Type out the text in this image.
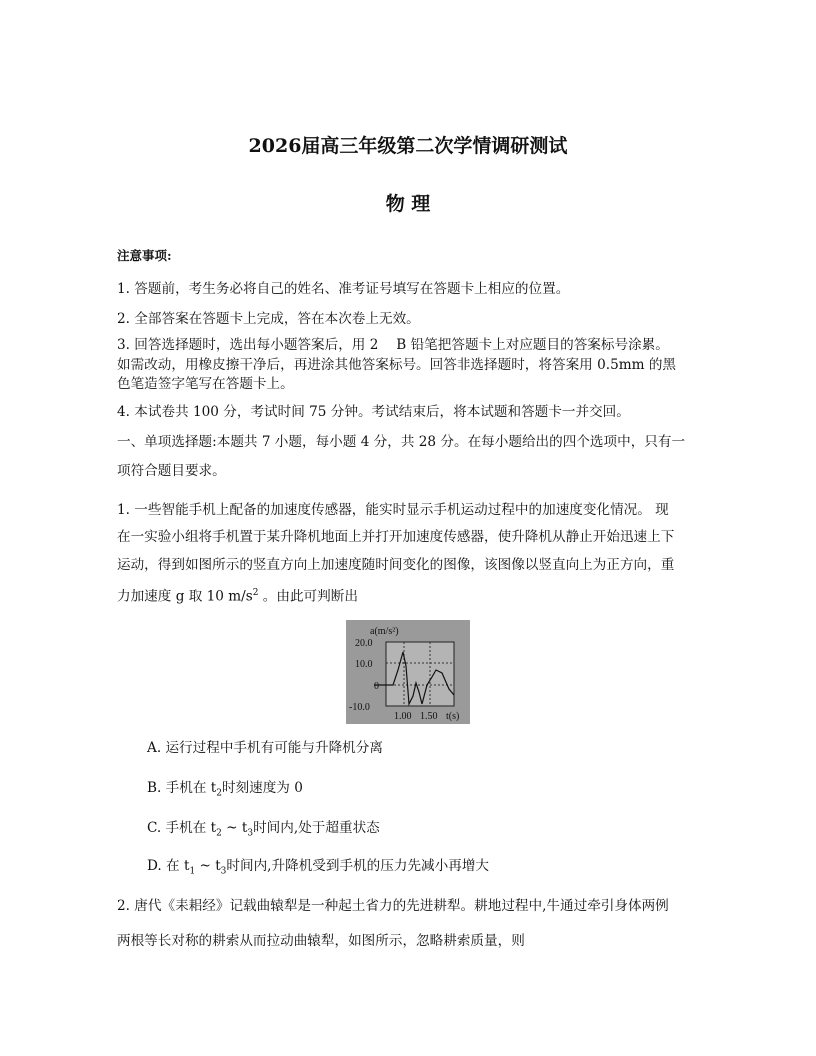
2026届高三年级第二次学情调研测试
物 理
注意事项:
1. 答题前，考生务必将自己的姓名、准考证号填写在答题卡上相应的位置。
2. 全部答案在答题卡上完成，答在本次卷上无效。
3. 回答选择题时，选出每小题答案后，用 2　 B 铅笔把答题卡上对应题目的答案标号涂累。
如需改动，用橡皮擦干净后，再进涂其他答案标号。回答非选择题时，将答案用 0.5mm 的黑
色笔造签字笔写在答题卡上。
4. 本试卷共 100 分，考试时间 75 分钟。考试结束后，将本试题和答题卡一并交回。
一、单项选择题:本题共 7 小题，每小题 4 分，共 28 分。在每小题给出的四个选项中，只有一
项符合题目要求。
1. 一些智能手机上配备的加速度传感器，能实时显示手机运动过程中的加速度变化情况。 现
在一实验小组将手机置于某升降机地面上并打开加速度传感器，使升降机从静止开始迅速上下
运动，得到如图所示的竖直方向上加速度随时间变化的图像，该图像以竖直向上为正方向，重
力加速度 g 取 10 $m/s^2$ 。由此可判断出
a(m/s²)
20.0
10.0
0
-10.0
1.00 1.50 t(s)
A. 运行过程中手机有可能与升降机分离
B. 手机在 $t_2$时刻速度为 0
C. 手机在 $t_2$ ~ $t_3$时间内,处于超重状态
D. 在 $t_1$ ~ $t_3$时间内,升降机受到手机的压力先减小再增大
2. 唐代《耒耜经》记载曲辕犁是一种起土省力的先进耕犁。耕地过程中,牛通过牵引身体两例
两根等长对称的耕索从而拉动曲辕犁，如图所示，忽略耕索质量，则
